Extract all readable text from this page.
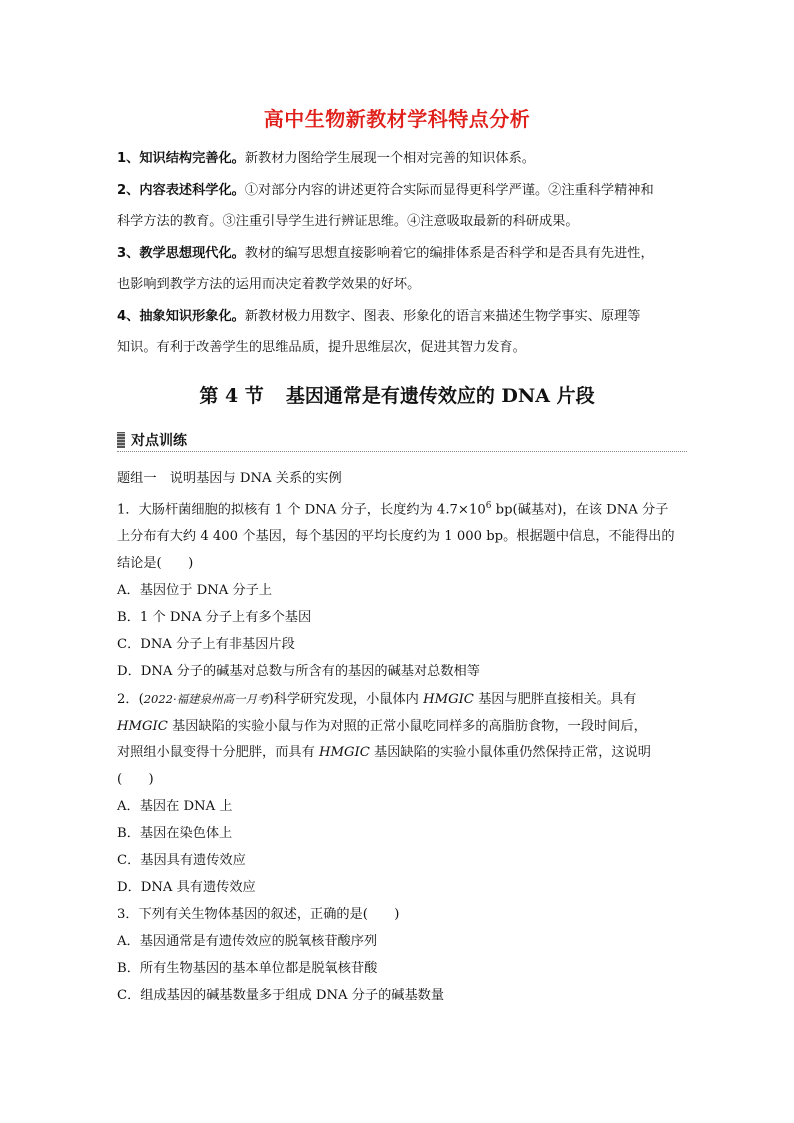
高中生物新教材学科特点分析

1、知识结构完善化。新教材力图给学生展现一个相对完善的知识体系。

2、内容表述科学化。①对部分内容的讲述更符合实际而显得更科学严谨。②注重科学精神和

科学方法的教育。③注重引导学生进行辨证思维。④注意吸取最新的科研成果。

3、教学思想现代化。教材的编写思想直接影响着它的编排体系是否科学和是否具有先进性，

也影响到教学方法的运用而决定着教学效果的好坏。

4、抽象知识形象化。新教材极力用数字、图表、形象化的语言来描述生物学事实、原理等

知识。有利于改善学生的思维品质，提升思维层次，促进其智力发育。

第 4 节 基因通常是有遗传效应的 DNA 片段
对点训练

题组一　说明基因与 DNA 关系的实例

1．大肠杆菌细胞的拟核有 1 个 DNA 分子，长度约为 $4.7\times 10^6$ bp(碱基对)，在该 DNA 分子

上分布有大约 4 400 个基因，每个基因的平均长度约为 1 000 bp。根据题中信息，不能得出的

结论是(　　)

A．基因位于 DNA 分子上

B．1 个 DNA 分子上有多个基因

C．DNA 分子上有非基因片段

D．DNA 分子的碱基对总数与所含有的基因的碱基对总数相等

2．(2022·福建泉州高一月考)科学研究发现，小鼠体内 HMGIC 基因与肥胖直接相关。具有

HMGIC 基因缺陷的实验小鼠与作为对照的正常小鼠吃同样多的高脂肪食物，一段时间后，

对照组小鼠变得十分肥胖，而具有 HMGIC 基因缺陷的实验小鼠体重仍然保持正常，这说明

(　　)

A．基因在 DNA 上

B．基因在染色体上

C．基因具有遗传效应

D．DNA 具有遗传效应

3．下列有关生物体基因的叙述，正确的是(　　)

A．基因通常是有遗传效应的脱氧核苷酸序列

B．所有生物基因的基本单位都是脱氧核苷酸

C．组成基因的碱基数量多于组成 DNA 分子的碱基数量
